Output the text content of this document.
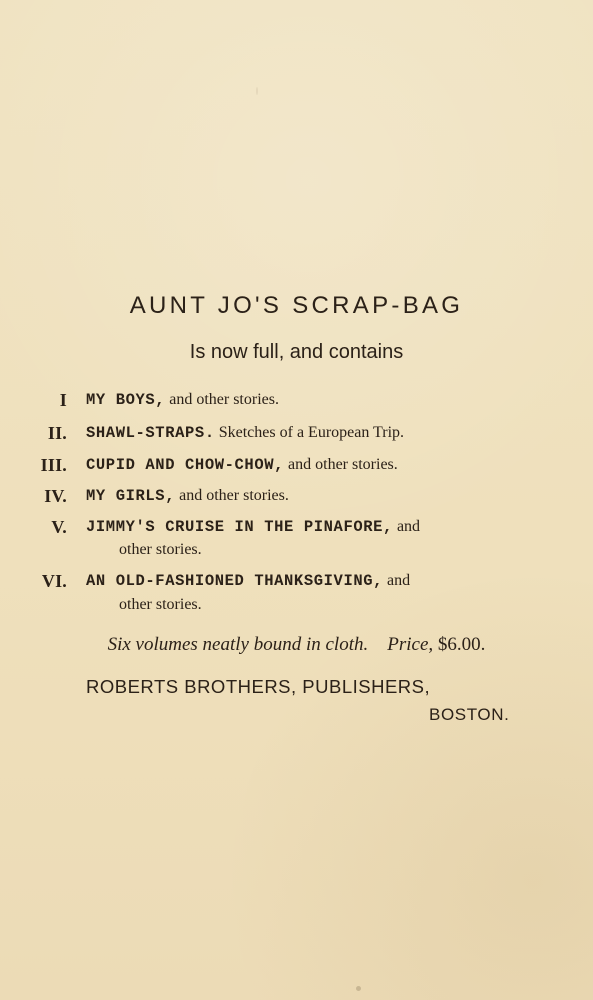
AUNT JO'S SCRAP-BAG
Is now full, and contains
I MY BOYS, and other stories.
II. SHAWL-STRAPS. Sketches of a European Trip.
III. CUPID AND CHOW-CHOW, and other stories.
IV. MY GIRLS, and other stories.
V. JIMMY'S CRUISE IN THE PINAFORE, and
other stories.
VI. AN OLD-FASHIONED THANKSGIVING, and
other stories.
Six volumes neatly bound in cloth. Price, $6.00.
ROBERTS BROTHERS, PUBLISHERS,
BOSTON.
